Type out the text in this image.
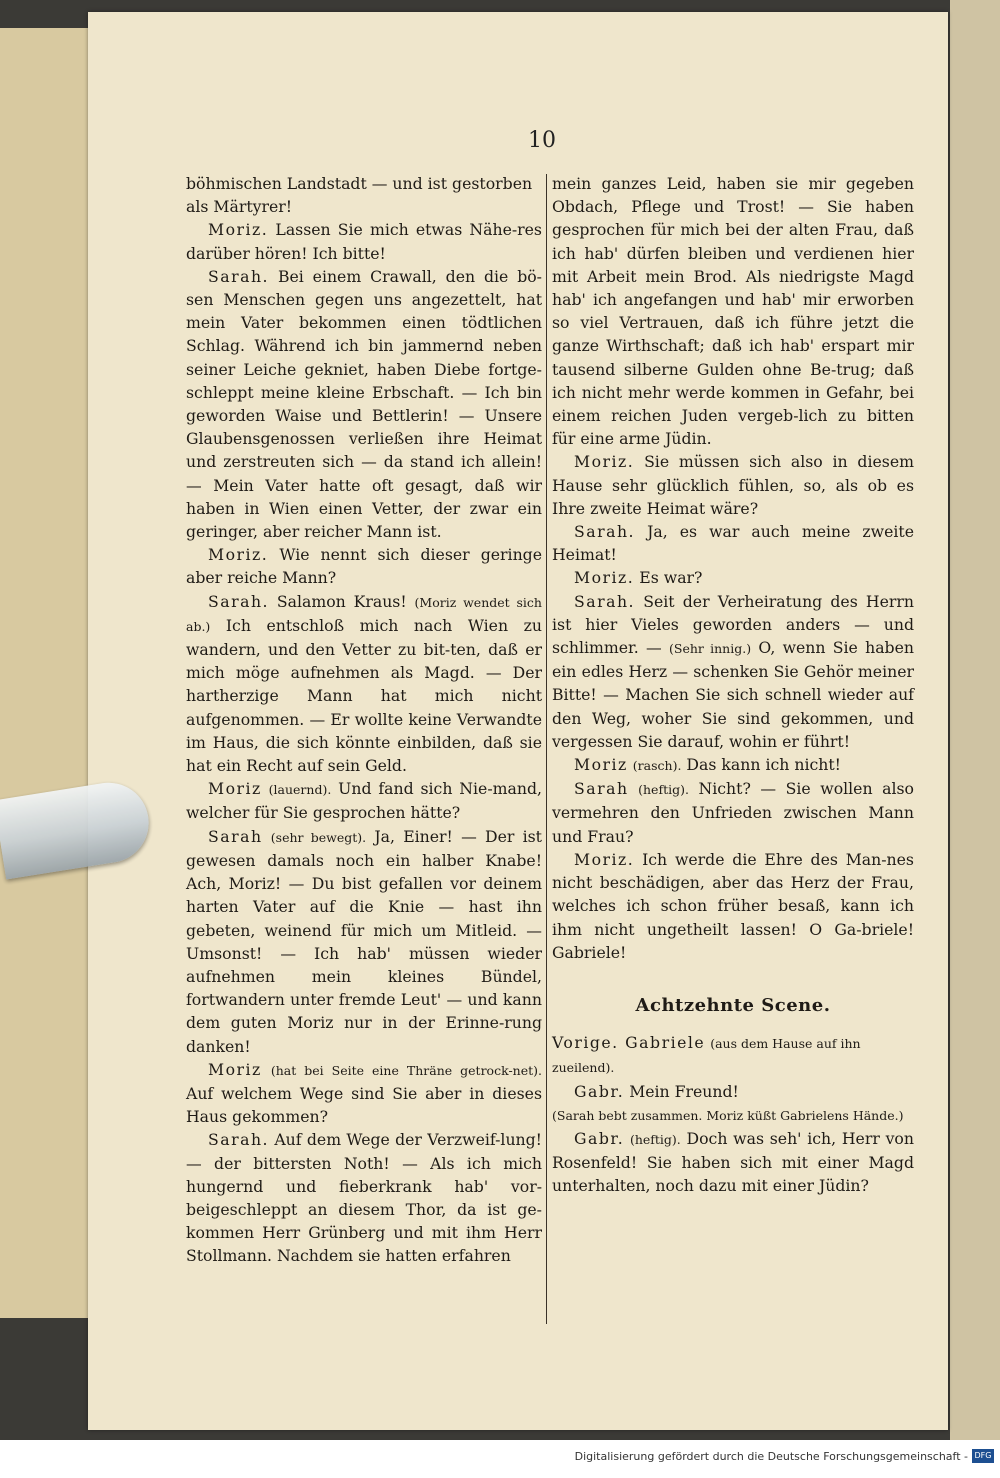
10

böhmischen Landstadt — und ist gestorben
als Märtyrer!

Moriz. Lassen Sie mich etwas Nähe-res darüber hören! Ich bitte!

Sarah. Bei einem Crawall, den die bö-sen Menschen gegen uns angezettelt, hat mein Vater bekommen einen tödtlichen Schlag. Während ich bin jammernd neben seiner Leiche gekniet, haben Diebe fortge-schleppt meine kleine Erbschaft. — Ich bin geworden Waise und Bettlerin! — Unsere Glaubensgenossen verließen ihre Heimat und zerstreuten sich — da stand ich allein! — Mein Vater hatte oft gesagt, daß wir haben in Wien einen Vetter, der zwar ein geringer, aber reicher Mann ist.

Moriz. Wie nennt sich dieser geringe aber reiche Mann?

Sarah. Salamon Kraus! (Moriz wendet sich ab.) Ich entschloß mich nach Wien zu wandern, und den Vetter zu bit-ten, daß er mich möge aufnehmen als Magd. — Der hartherzige Mann hat mich nicht aufgenommen. — Er wollte keine Verwandte im Haus, die sich könnte einbilden, daß sie hat ein Recht auf sein Geld.

Moriz (lauernd). Und fand sich Nie-mand, welcher für Sie gesprochen hätte?

Sarah (sehr bewegt). Ja, Einer! — Der ist gewesen damals noch ein halber Knabe! Ach, Moriz! — Du bist gefallen vor deinem harten Vater auf die Knie — hast ihn gebeten, weinend für mich um Mitleid. — Umsonst! — Ich hab' müssen wieder aufnehmen mein kleines Bündel, fortwandern unter fremde Leut' — und kann dem guten Moriz nur in der Erinne-rung danken!

Moriz (hat bei Seite eine Thräne getrock-net). Auf welchem Wege sind Sie aber in dieses Haus gekommen?

Sarah. Auf dem Wege der Verzweif-lung! — der bittersten Noth! — Als ich mich hungernd und fieberkrank hab' vor-beigeschleppt an diesem Thor, da ist ge-kommen Herr Grünberg und mit ihm Herr Stollmann. Nachdem sie hatten erfahren

mein ganzes Leid, haben sie mir gegeben Obdach, Pflege und Trost! — Sie haben gesprochen für mich bei der alten Frau, daß ich hab' dürfen bleiben und verdienen hier mit Arbeit mein Brod. Als niedrigste Magd hab' ich angefangen und hab' mir erworben so viel Vertrauen, daß ich führe jetzt die ganze Wirthschaft; daß ich hab' erspart mir tausend silberne Gulden ohne Be-trug; daß ich nicht mehr werde kommen in Gefahr, bei einem reichen Juden vergeb-lich zu bitten für eine arme Jüdin.

Moriz. Sie müssen sich also in diesem Hause sehr glücklich fühlen, so, als ob es Ihre zweite Heimat wäre?

Sarah. Ja, es war auch meine zweite Heimat!

Moriz. Es war?

Sarah. Seit der Verheiratung des Herrn ist hier Vieles geworden anders — und schlimmer. — (Sehr innig.) O, wenn Sie haben ein edles Herz — schenken Sie Gehör meiner Bitte! — Machen Sie sich schnell wieder auf den Weg, woher Sie sind gekommen, und vergessen Sie darauf, wohin er führt!

Moriz (rasch). Das kann ich nicht!

Sarah (heftig). Nicht? — Sie wollen also vermehren den Unfrieden zwischen Mann und Frau?

Moriz. Ich werde die Ehre des Man-nes nicht beschädigen, aber das Herz der Frau, welches ich schon früher besaß, kann ich ihm nicht ungetheilt lassen! O Ga-briele! Gabriele!

Achtzehnte Scene.

Vorige. Gabriele (aus dem Hause auf ihn zueilend).

Gabr. Mein Freund!

(Sarah bebt zusammen. Moriz küßt Gabrielens Hände.)

Gabr. (heftig). Doch was seh' ich, Herr von Rosenfeld! Sie haben sich mit einer Magd unterhalten, noch dazu mit einer Jüdin?

Digitalisierung gefördert durch die Deutsche Forschungsgemeinschaft - DFG
